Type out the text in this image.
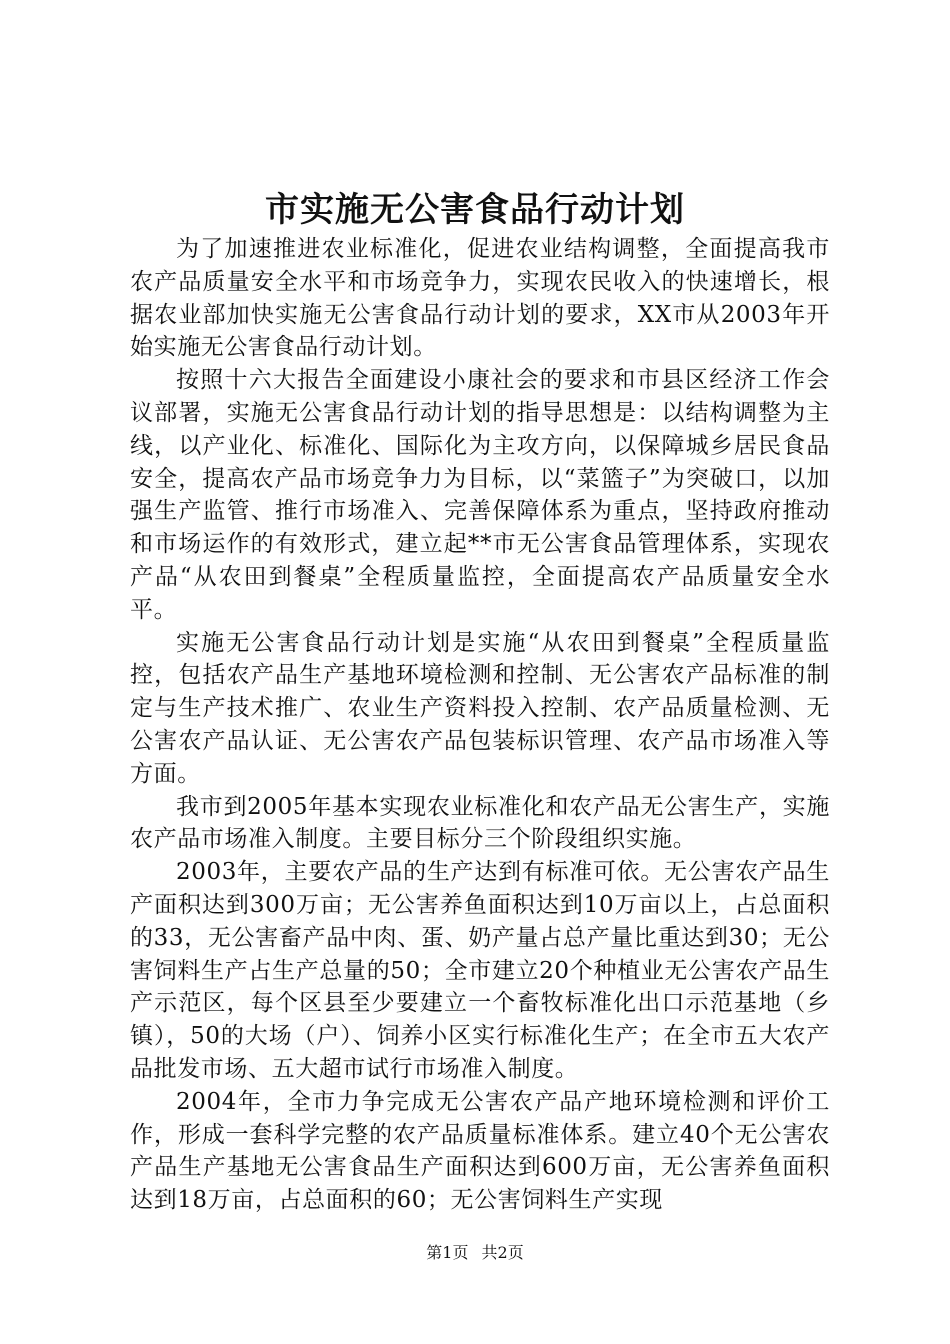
市实施无公害食品行动计划

为了加速推进农业标准化，促进农业结构调整，全面提高我市农产品质量安全水平和市场竞争力，实现农民收入的快速增长，根据农业部加快实施无公害食品行动计划的要求，XX市从2003年开始实施无公害食品行动计划。

按照十六大报告全面建设小康社会的要求和市县区经济工作会议部署，实施无公害食品行动计划的指导思想是：以结构调整为主线，以产业化、标准化、国际化为主攻方向，以保障城乡居民食品安全，提高农产品市场竞争力为目标，以“菜篮子”为突破口，以加强生产监管、推行市场准入、完善保障体系为重点，坚持政府推动和市场运作的有效形式，建立起**市无公害食品管理体系，实现农产品“从农田到餐桌”全程质量监控，全面提高农产品质量安全水平。

实施无公害食品行动计划是实施“从农田到餐桌”全程质量监控，包括农产品生产基地环境检测和控制、无公害农产品标准的制定与生产技术推广、农业生产资料投入控制、农产品质量检测、无公害农产品认证、无公害农产品包装标识管理、农产品市场准入等方面。

我市到2005年基本实现农业标准化和农产品无公害生产，实施农产品市场准入制度。主要目标分三个阶段组织实施。

2003年，主要农产品的生产达到有标准可依。无公害农产品生产面积达到300万亩；无公害养鱼面积达到10万亩以上，占总面积的33，无公害畜产品中肉、蛋、奶产量占总产量比重达到30；无公害饲料生产占生产总量的50；全市建立20个种植业无公害农产品生产示范区，每个区县至少要建立一个畜牧标准化出口示范基地（乡镇），50的大场（户）、饲养小区实行标准化生产；在全市五大农产品批发市场、五大超市试行市场准入制度。

2004年，全市力争完成无公害农产品产地环境检测和评价工作，形成一套科学完整的农产品质量标准体系。建立40个无公害农产品生产基地无公害食品生产面积达到600万亩，无公害养鱼面积达到18万亩，占总面积的60；无公害饲料生产实现

第1页 共2页
